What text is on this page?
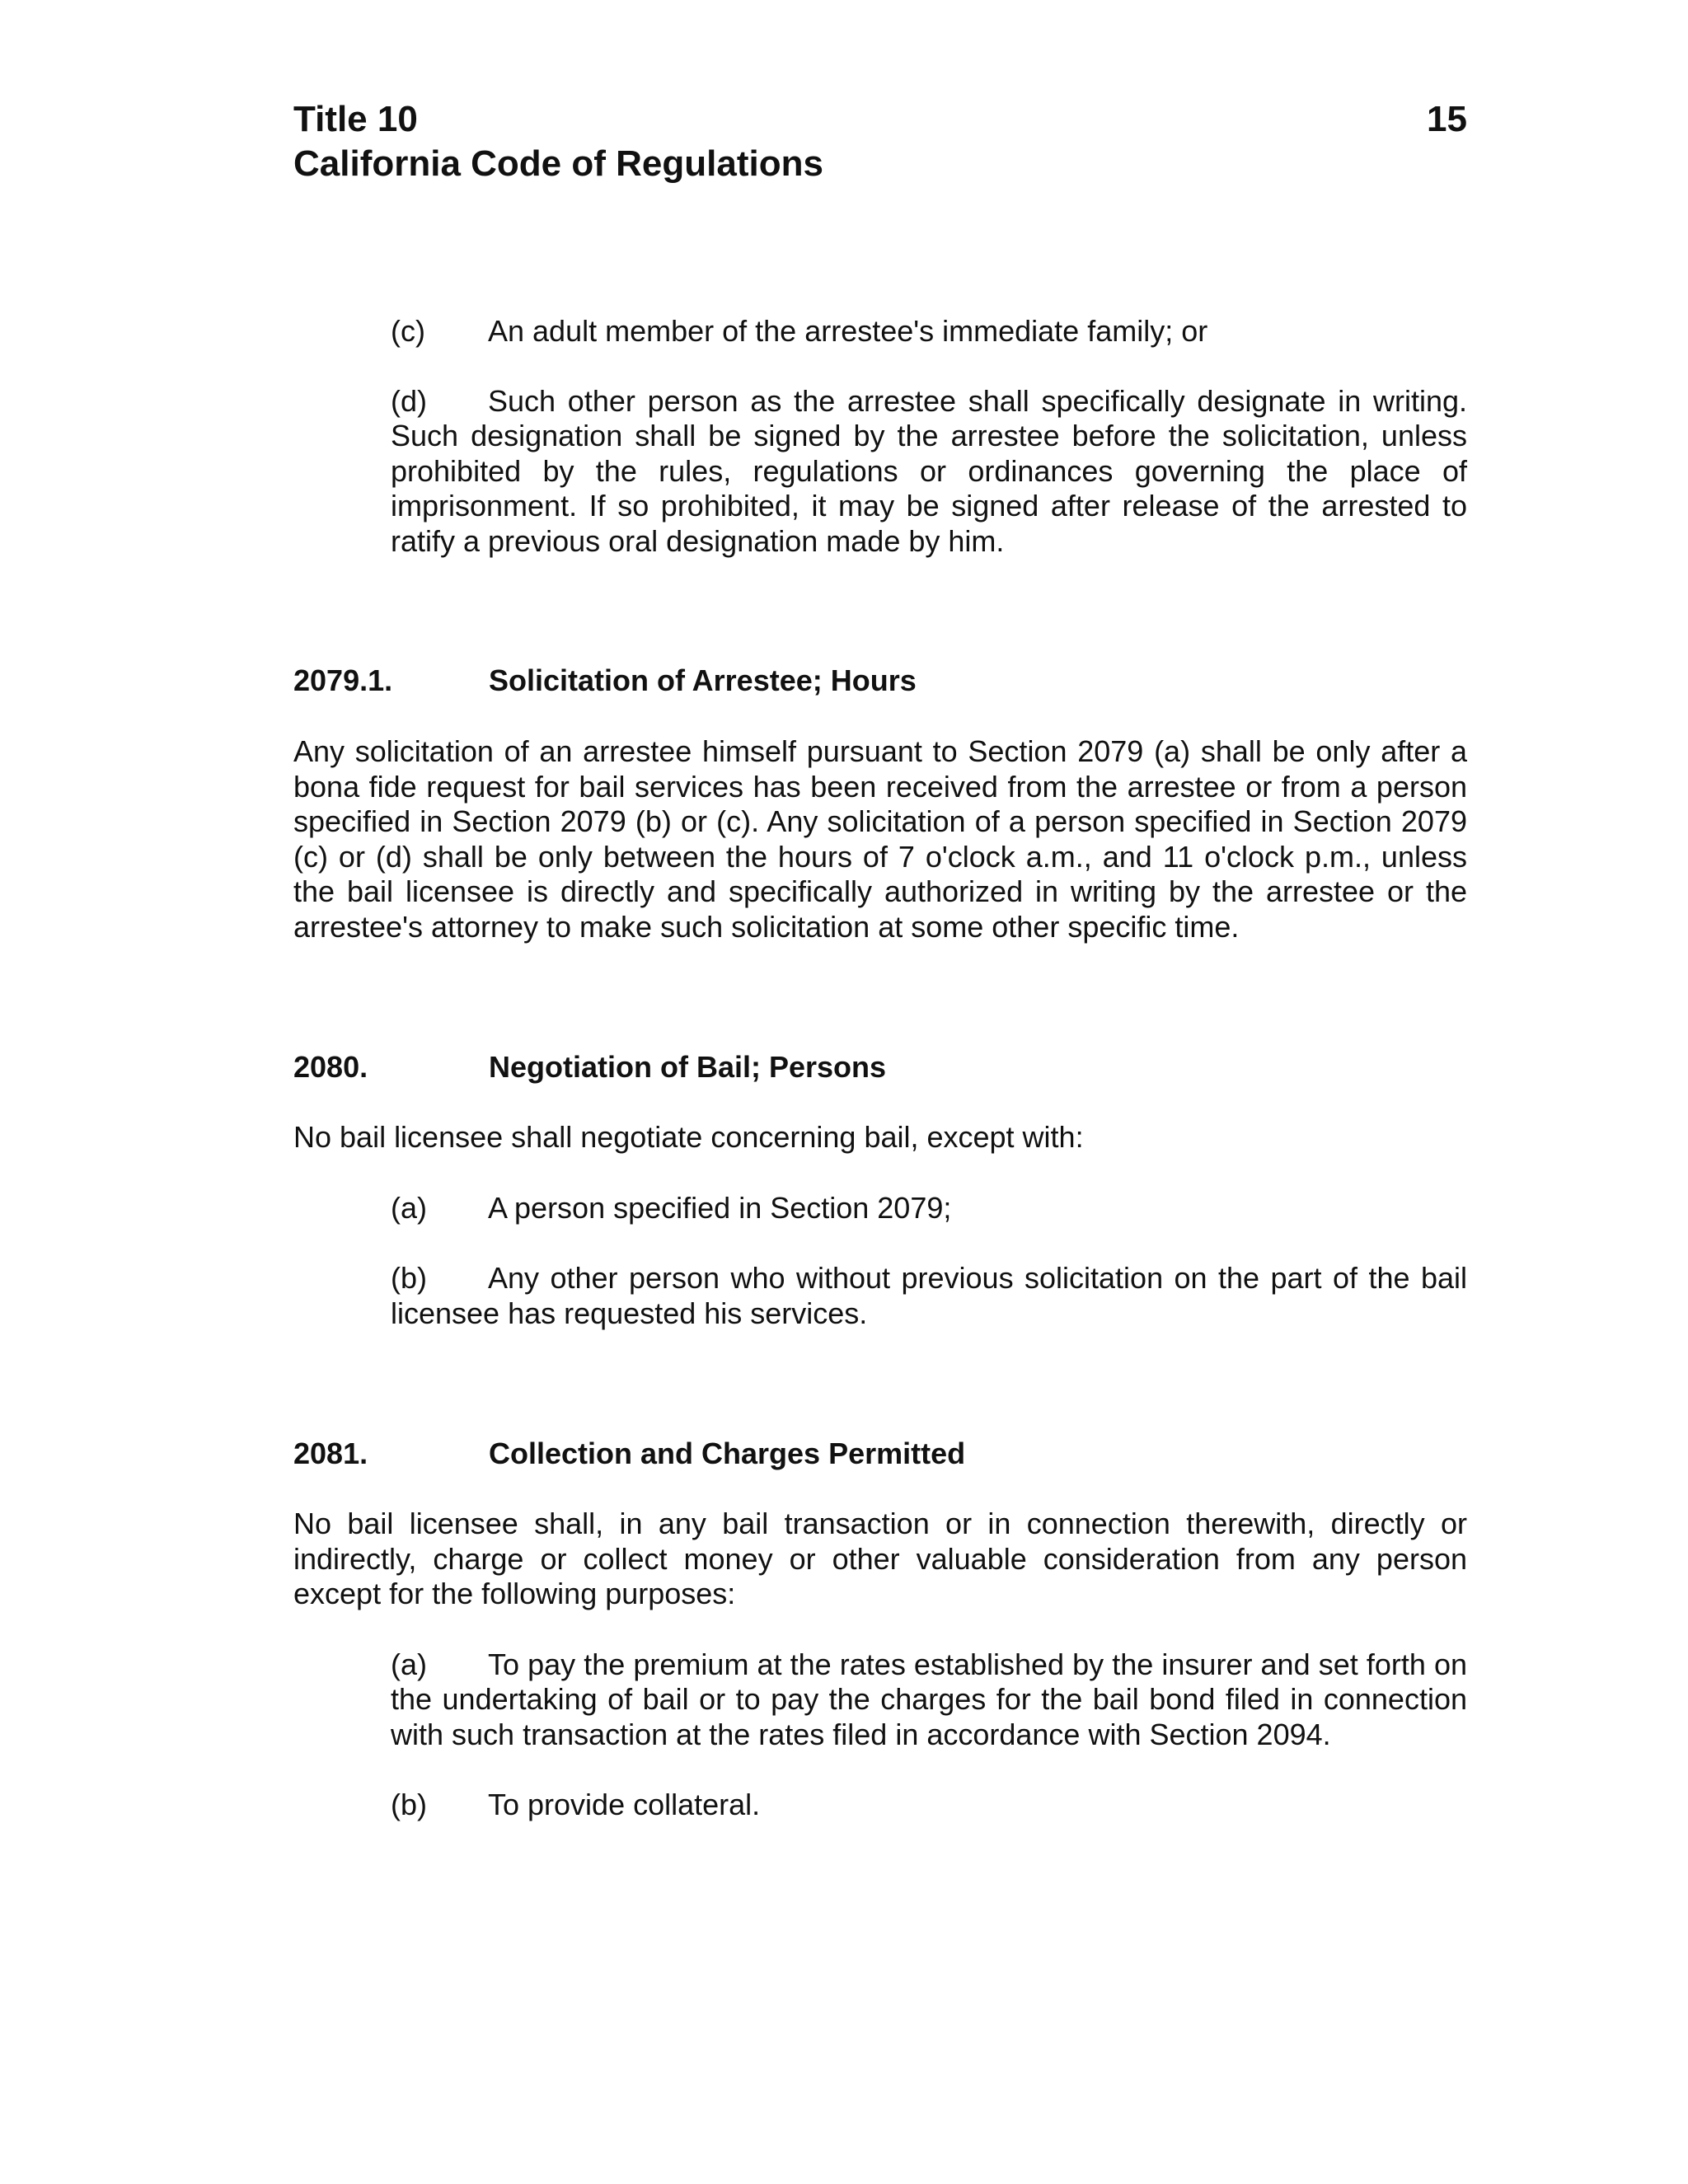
Title 10
California Code of Regulations
15

(c) An adult member of the arrestee's immediate family; or

(d) Such other person as the arrestee shall specifically designate in writing. Such designation shall be signed by the arrestee before the solicitation, unless prohibited by the rules, regulations or ordinances governing the place of imprisonment. If so prohibited, it may be signed after release of the arrested to ratify a previous oral designation made by him.

2079.1.	Solicitation of Arrestee; Hours

Any solicitation of an arrestee himself pursuant to Section 2079 (a) shall be only after a bona fide request for bail services has been received from the arrestee or from a person specified in Section 2079 (b) or (c). Any solicitation of a person specified in Section 2079 (c) or (d) shall be only between the hours of 7 o'clock a.m., and 11 o'clock p.m., unless the bail licensee is directly and specifically authorized in writing by the arrestee or the arrestee's attorney to make such solicitation at some other specific time.

2080.	Negotiation of Bail; Persons

No bail licensee shall negotiate concerning bail, except with:

(a) A person specified in Section 2079;

(b) Any other person who without previous solicitation on the part of the bail licensee has requested his services.

2081.	Collection and Charges Permitted

No bail licensee shall, in any bail transaction or in connection therewith, directly or indirectly, charge or collect money or other valuable consideration from any person except for the following purposes:

(a) To pay the premium at the rates established by the insurer and set forth on the undertaking of bail or to pay the charges for the bail bond filed in connection with such transaction at the rates filed in accordance with Section 2094.

(b) To provide collateral.
